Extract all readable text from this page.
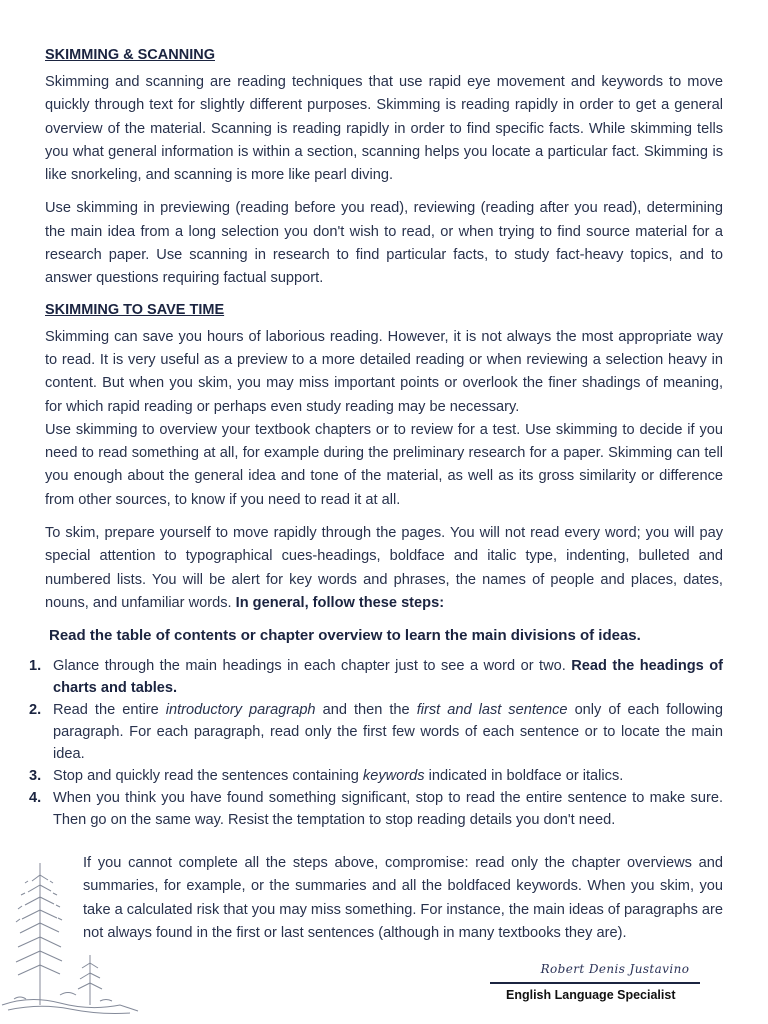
SKIMMING & SCANNING

Skimming and scanning are reading techniques that use rapid eye movement and keywords to move quickly through text for slightly different purposes. Skimming is reading rapidly in order to get a general overview of the material. Scanning is reading rapidly in order to find specific facts. While skimming tells you what general information is within a section, scanning helps you locate a particular fact. Skimming is like snorkeling, and scanning is more like pearl diving.

Use skimming in previewing (reading before you read), reviewing (reading after you read), determining the main idea from a long selection you don't wish to read, or when trying to find source material for a research paper. Use scanning in research to find particular facts, to study fact-heavy topics, and to answer questions requiring factual support.

SKIMMING TO SAVE TIME

Skimming can save you hours of laborious reading. However, it is not always the most appropriate way to read. It is very useful as a preview to a more detailed reading or when reviewing a selection heavy in content. But when you skim, you may miss important points or overlook the finer shadings of meaning, for which rapid reading or perhaps even study reading may be necessary.

Use skimming to overview your textbook chapters or to review for a test. Use skimming to decide if you need to read something at all, for example during the preliminary research for a paper. Skimming can tell you enough about the general idea and tone of the material, as well as its gross similarity or difference from other sources, to know if you need to read it at all.

To skim, prepare yourself to move rapidly through the pages. You will not read every word; you will pay special attention to typographical cues-headings, boldface and italic type, indenting, bulleted and numbered lists. You will be alert for key words and phrases, the names of people and places, dates, nouns, and unfamiliar words. In general, follow these steps:

Read the table of contents or chapter overview to learn the main divisions of ideas.
1. Glance through the main headings in each chapter just to see a word or two. Read the headings of charts and tables.
2. Read the entire introductory paragraph and then the first and last sentence only of each following paragraph. For each paragraph, read only the first few words of each sentence or to locate the main idea.
3. Stop and quickly read the sentences containing keywords indicated in boldface or italics.
4. When you think you have found something significant, stop to read the entire sentence to make sure. Then go on the same way. Resist the temptation to stop reading details you don't need.
If you cannot complete all the steps above, compromise: read only the chapter overviews and summaries, for example, or the summaries and all the boldfaced keywords. When you skim, you take a calculated risk that you may miss something. For instance, the main ideas of paragraphs are not always found in the first or last sentences (although in many textbooks they are).
Robert Denis Justavino
English Language Specialist
